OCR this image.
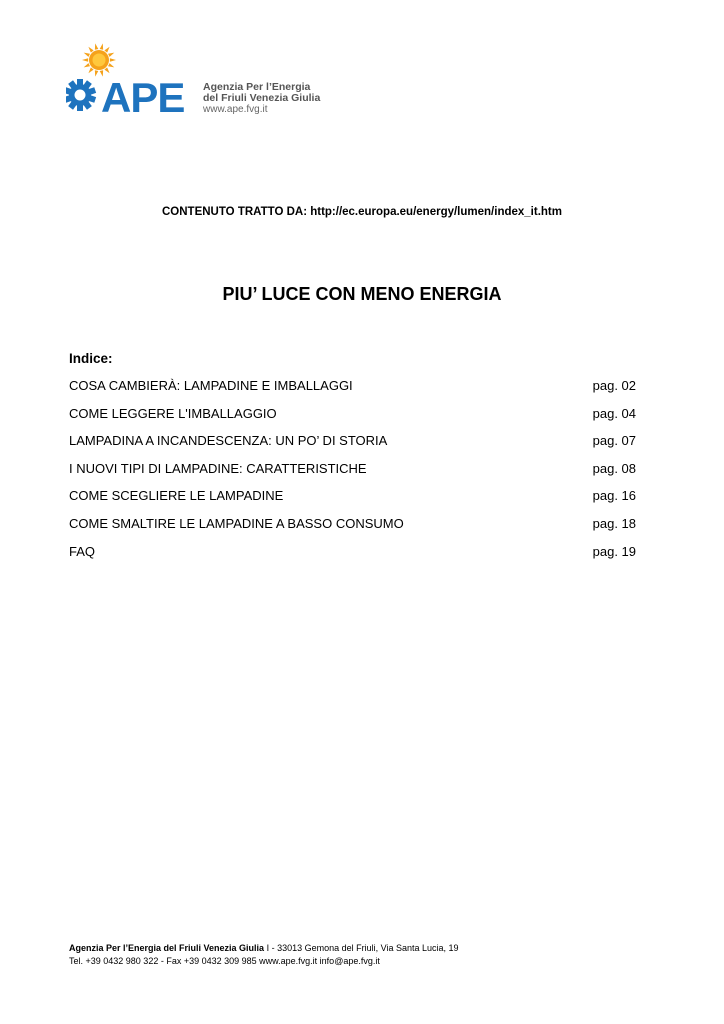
APE Agenzia Per l’Energia
del Friuli Venezia Giulia
www.ape.fvg.it
CONTENUTO TRATTO DA: http://ec.europa.eu/energy/lumen/index_it.htm
PIU’ LUCE CON MENO ENERGIA
Indice:
COSA CAMBIERÀ: LAMPADINE E IMBALLAGGI	pag. 02
COME LEGGERE L'IMBALLAGGIO	pag. 04
LAMPADINA A INCANDESCENZA: UN PO’ DI STORIA	pag. 07
I NUOVI TIPI DI LAMPADINE: CARATTERISTICHE	pag. 08
COME SCEGLIERE LE LAMPADINE	pag. 16
COME SMALTIRE LE LAMPADINE A BASSO CONSUMO	pag. 18
FAQ	pag. 19
Agenzia Per l’Energia del Friuli Venezia Giulia I - 33013 Gemona del Friuli, Via Santa Lucia, 19
Tel. +39 0432 980 322 - Fax +39 0432 309 985 www.ape.fvg.it info@ape.fvg.it
